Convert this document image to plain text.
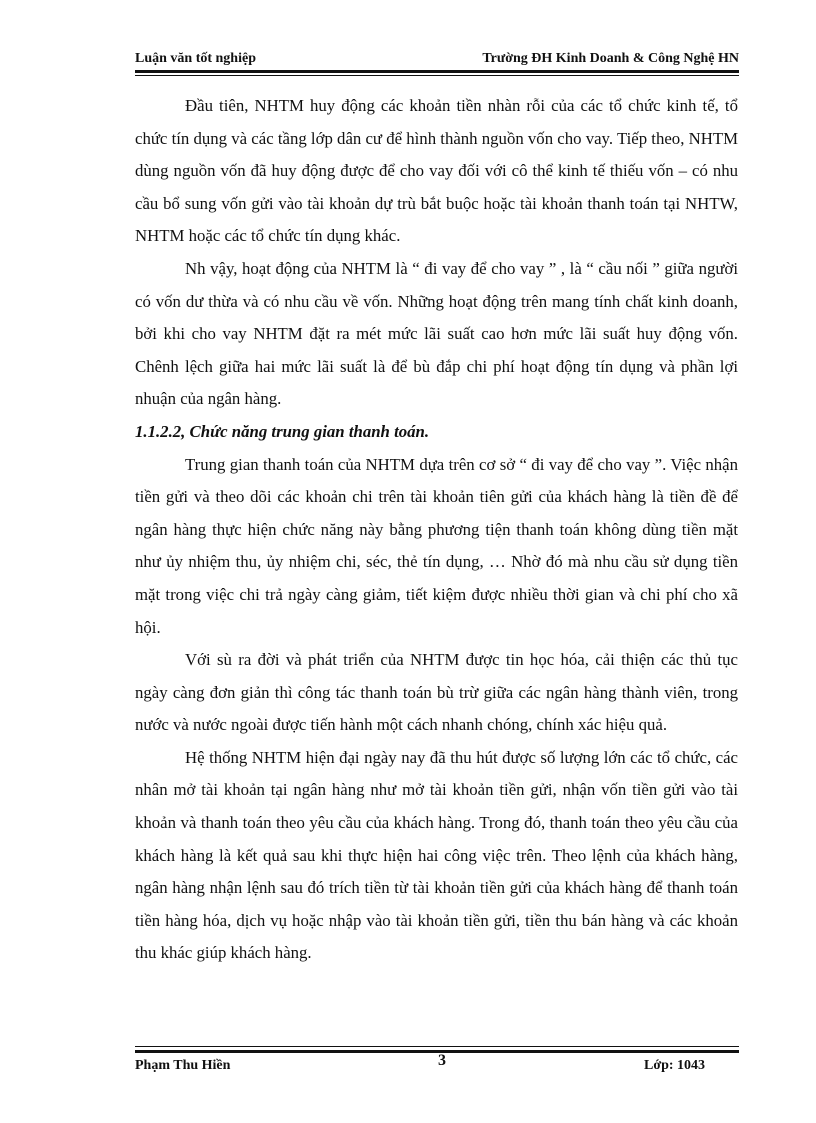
Luận văn tốt nghiệp	Trường ĐH Kinh Doanh & Công Nghệ HN

Đầu tiên, NHTM huy động các khoản tiền nhàn rỗi của các tổ chức kinh tế, tổ chức tín dụng và các tầng lớp dân cư để hình thành nguồn vốn cho vay. Tiếp theo, NHTM dùng nguồn vốn đã huy động được để cho vay đối với cô thể kinh tế thiếu vốn – có nhu cầu bổ sung vốn gửi vào tài khoản dự trù bắt buộc hoặc tài khoản thanh toán tại NHTW, NHTM hoặc các tổ chức tín dụng khác.

Nh vậy, hoạt động của NHTM là “ đi vay để cho vay ” , là “ cầu nối ” giữa người có vốn dư thừa và có nhu cầu về vốn. Những hoạt động trên mang tính chất kinh doanh, bởi khi cho vay NHTM đặt ra mét mức lãi suất cao hơn mức lãi suất huy động vốn. Chênh lệch giữa hai mức lãi suất là để bù đắp chi phí hoạt động tín dụng và phần lợi nhuận của ngân hàng.

1.1.2.2, Chức năng trung gian thanh toán.

Trung gian thanh toán của NHTM dựa trên cơ sở “ đi vay để cho vay ”. Việc nhận tiền gửi và theo dõi các khoản chi trên tài khoản tiên gửi của khách hàng là tiền đề để ngân hàng thực hiện chức năng này bằng phương tiện thanh toán không dùng tiền mặt như ủy nhiệm thu, ủy nhiệm chi, séc, thẻ tín dụng, … Nhờ đó mà nhu cầu sử dụng tiền mặt trong việc chi trả ngày càng giảm, tiết kiệm được nhiều thời gian và chi phí cho xã hội.

Với sù ra đời và phát triển của NHTM được tin học hóa, cải thiện các thủ tục ngày càng đơn giản thì công tác thanh toán bù trừ giữa các ngân hàng thành viên, trong nước và nước ngoài được tiến hành một cách nhanh chóng, chính xác hiệu quả.

Hệ thống NHTM hiện đại ngày nay đã thu hút được số lượng lớn các tổ chức, các nhân mở tài khoản tại ngân hàng như mở tài khoản tiền gửi, nhận vốn tiền gửi vào tài khoản và thanh toán theo yêu cầu của khách hàng. Trong đó, thanh toán theo yêu cầu của khách hàng là kết quả sau khi thực hiện hai công việc trên. Theo lệnh của khách hàng, ngân hàng nhận lệnh sau đó trích tiền từ tài khoản tiền gửi của khách hàng để thanh toán tiền hàng hóa, dịch vụ hoặc nhập vào tài khoản tiền gửi, tiền thu bán hàng và các khoản thu khác giúp khách hàng.

Phạm Thu Hiền	3	Lớp: 1043
